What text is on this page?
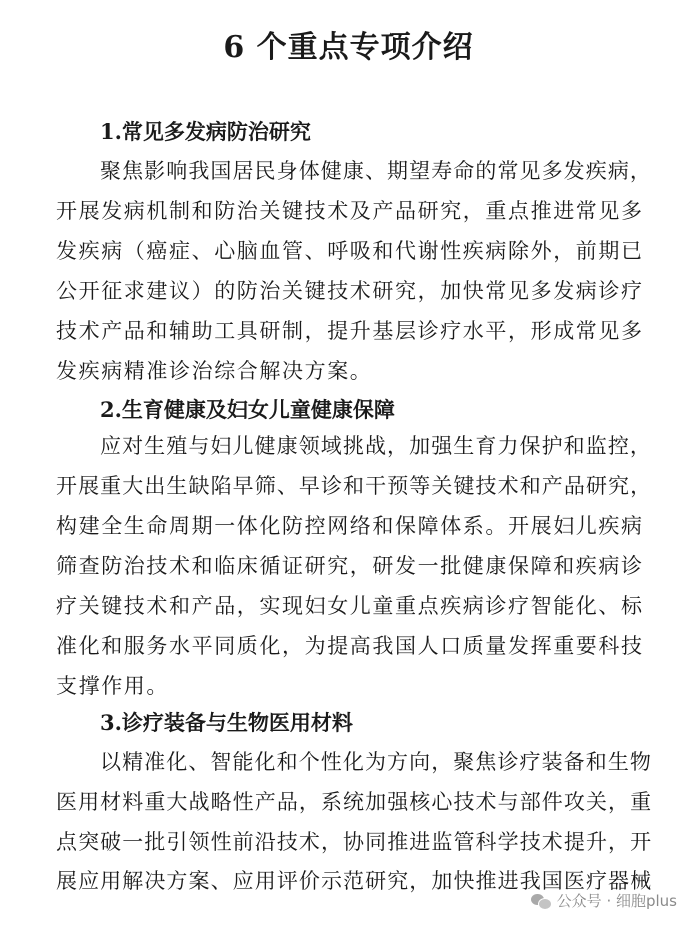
6 个重点专项介绍
1.常见多发病防治研究
聚焦影响我国居民身体健康、期望寿命的常见多发疾病，
开展发病机制和防治关键技术及产品研究，重点推进常见多
发疾病（癌症、心脑血管、呼吸和代谢性疾病除外，前期已
公开征求建议）的防治关键技术研究，加快常见多发病诊疗
技术产品和辅助工具研制，提升基层诊疗水平，形成常见多
发疾病精准诊治综合解决方案。
2.生育健康及妇女儿童健康保障
应对生殖与妇儿健康领域挑战，加强生育力保护和监控，
开展重大出生缺陷早筛、早诊和干预等关键技术和产品研究，
构建全生命周期一体化防控网络和保障体系。开展妇儿疾病
筛查防治技术和临床循证研究，研发一批健康保障和疾病诊
疗关键技术和产品，实现妇女儿童重点疾病诊疗智能化、标
准化和服务水平同质化，为提高我国人口质量发挥重要科技
支撑作用。
3.诊疗装备与生物医用材料
以精准化、智能化和个性化为方向，聚焦诊疗装备和生物
医用材料重大战略性产品，系统加强核心技术与部件攻关，重
点突破一批引领性前沿技术，协同推进监管科学技术提升，开
展应用解决方案、应用评价示范研究，加快推进我国医疗器械
公众号 · 细胞plus
